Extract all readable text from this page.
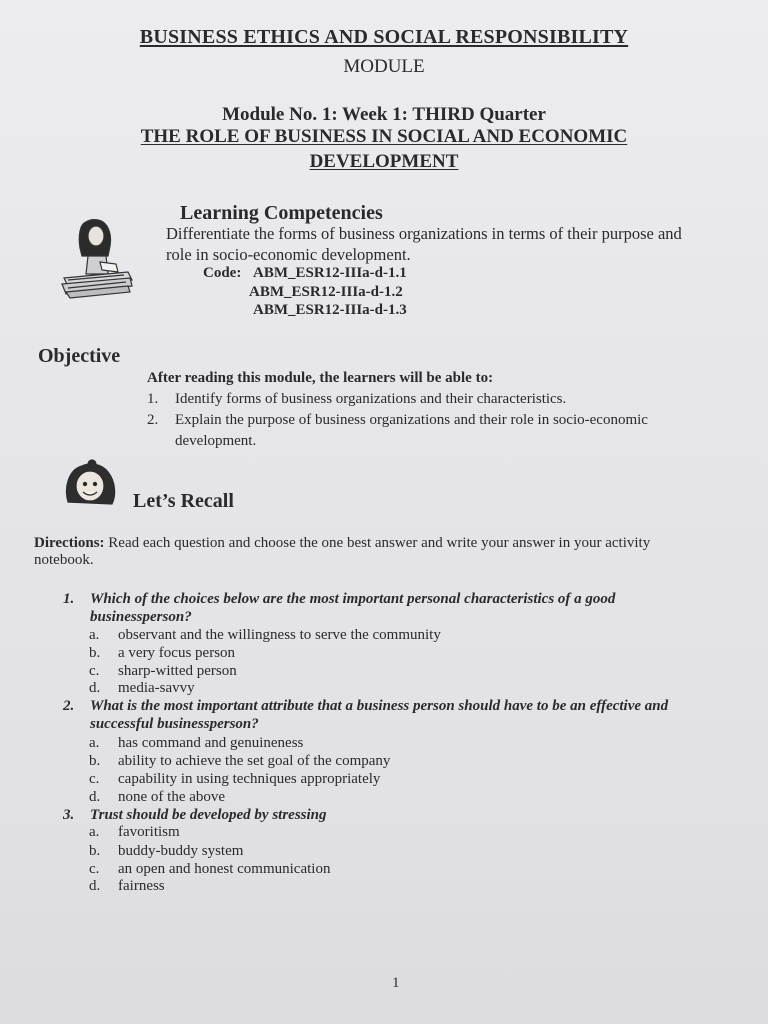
BUSINESS ETHICS AND SOCIAL RESPONSIBILITY
MODULE
Module No. 1: Week 1: THIRD Quarter
THE ROLE OF BUSINESS IN SOCIAL AND ECONOMIC
DEVELOPMENT
Learning Competencies
Differentiate the forms of business organizations in terms of their purpose and
role in socio-economic development.
Code: ABM_ESR12-IIIa-d-1.1
ABM_ESR12-IIIa-d-1.2
ABM_ESR12-IIIa-d-1.3
Objective
After reading this module, the learners will be able to:
1. Identify forms of business organizations and their characteristics.
2. Explain the purpose of business organizations and their role in socio-economic
development.
Let’s Recall
Directions: Read each question and choose the one best answer and write your answer in your activity
notebook.
1. Which of the choices below are the most important personal characteristics of a good
businessperson?
a. observant and the willingness to serve the community
b. a very focus person
c. sharp-witted person
d. media-savvy
2. What is the most important attribute that a business person should have to be an effective and
successful businessperson?
a. has command and genuineness
b. ability to achieve the set goal of the company
c. capability in using techniques appropriately
d. none of the above
3. Trust should be developed by stressing
a. favoritism
b. buddy-buddy system
c. an open and honest communication
d. fairness
1
